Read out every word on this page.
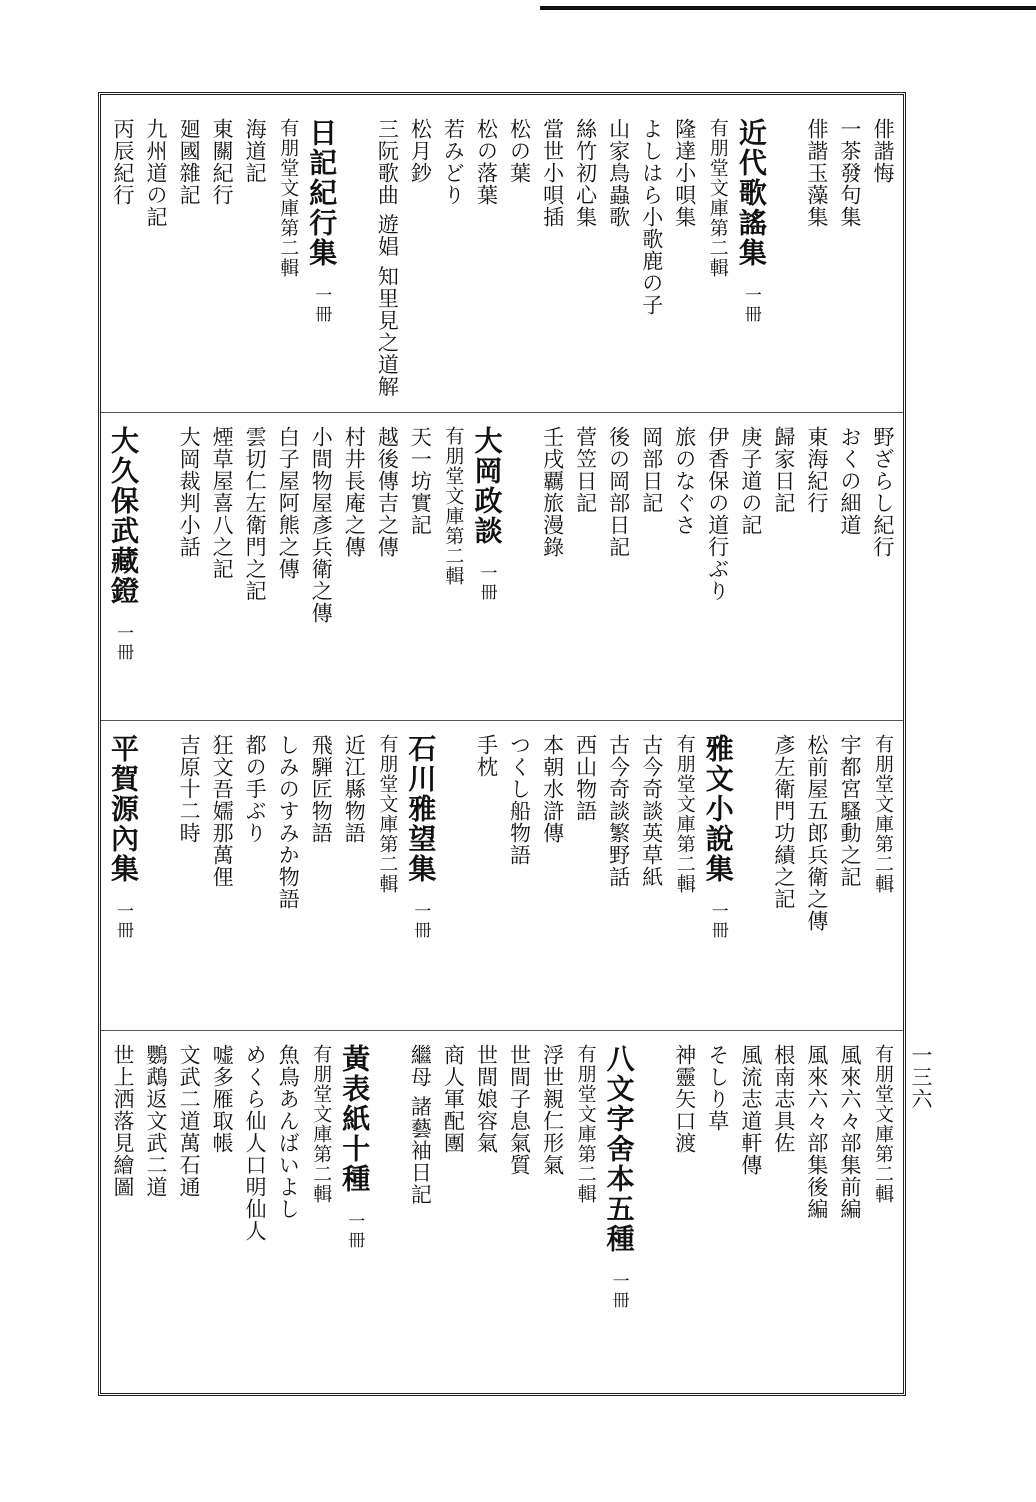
俳諧悔
一茶發句集
俳諧玉藻集
近代歌謠集一冊
有朋堂文庫第二輯
隆達小唄集
よしはら小歌鹿の子
山家鳥蟲歌
絲竹初心集
當世小唄插
松の葉
松の落葉
若みどり
松月鈔
三阮歌曲 遊娼 知里見之道解
日記紀行集一冊
有朋堂文庫第二輯
海道記
東關紀行
廻國雜記
九州道の記
丙辰紀行
野ざらし紀行
おくの細道
東海紀行
歸家日記
庚子道の記
伊香保の道行ぶり
旅のなぐさ
岡部日記
後の岡部日記
菅笠日記
壬戌覊旅漫錄
大岡政談一冊
有朋堂文庫第二輯
天一坊實記
越後傳吉之傳
村井長庵之傳
小間物屋彥兵衛之傳
白子屋阿熊之傳
雲切仁左衛門之記
煙草屋喜八之記
大岡裁判小話
大久保武藏鐙一冊
有朋堂文庫第二輯
宇都宮騷動之記
松前屋五郎兵衛之傳
彥左衛門功績之記
雅文小說集一冊
有朋堂文庫第二輯
古今奇談英草紙
古今奇談繁野話
西山物語
本朝水滸傳
つくし船物語
手枕
石川雅望集一冊
有朋堂文庫第二輯
近江縣物語
飛騨匠物語
しみのすみか物語
都の手ぶり
狂文吾嬬那萬俚
吉原十二時
平賀源內集一冊
有朋堂文庫第二輯
風來六々部集前編
風來六々部集後編
根南志具佐
風流志道軒傳
そしり草
神靈矢口渡
八文字舍本五種一冊
有朋堂文庫第二輯
浮世親仁形氣
世間子息氣質
世間娘容氣
商人軍配團
繼母 諸藝袖日記
黃表紙十種一冊
有朋堂文庫第二輯
魚鳥あんばいよし
めくら仙人口明仙人
嘘多雁取帳
文武二道萬石通
鸚鵡返文武二道
世上洒落見繪圖	一三六
